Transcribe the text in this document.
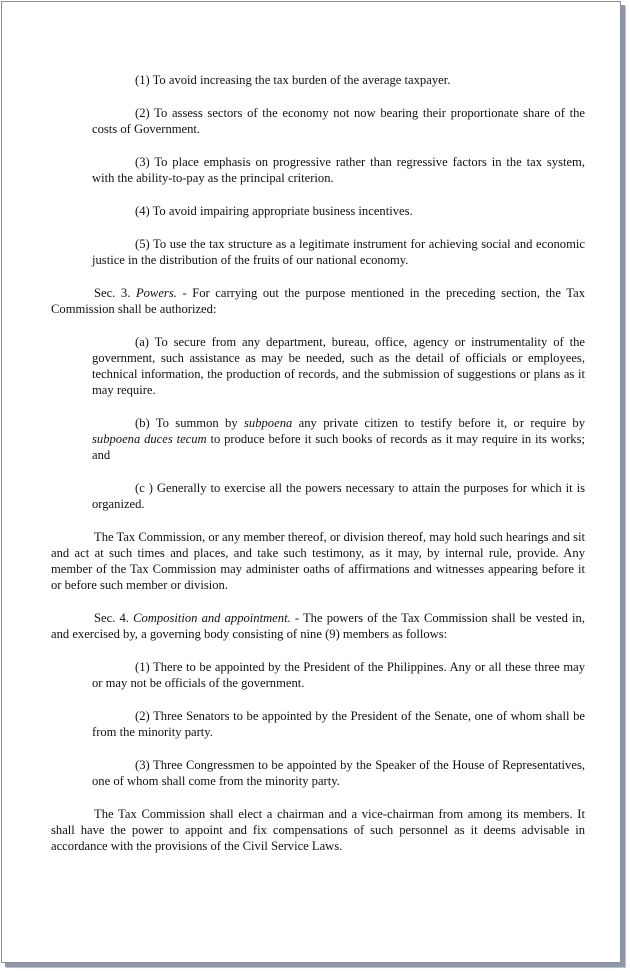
(1) To avoid increasing the tax burden of the average taxpayer.

(2) To assess sectors of the economy not now bearing their proportionate share of the costs of Government.

(3) To place emphasis on progressive rather than regressive factors in the tax system, with the ability-to-pay as the principal criterion.

(4) To avoid impairing appropriate business incentives.

(5) To use the tax structure as a legitimate instrument for achieving social and economic justice in the distribution of the fruits of our national economy.

Sec. 3. Powers. - For carrying out the purpose mentioned in the preceding section, the Tax Commission shall be authorized:

(a) To secure from any department, bureau, office, agency or instrumentality of the government, such assistance as may be needed, such as the detail of officials or employees, technical information, the production of records, and the submission of suggestions or plans as it may require.

(b) To summon by subpoena any private citizen to testify before it, or require by subpoena duces tecum to produce before it such books of records as it may require in its works; and

(c ) Generally to exercise all the powers necessary to attain the purposes for which it is organized.

The Tax Commission, or any member thereof, or division thereof, may hold such hearings and sit and act at such times and places, and take such testimony, as it may, by internal rule, provide. Any member of the Tax Commission may administer oaths of affirmations and witnesses appearing before it or before such member or division.

Sec. 4. Composition and appointment. - The powers of the Tax Commission shall be vested in, and exercised by, a governing body consisting of nine (9) members as follows:

(1) There to be appointed by the President of the Philippines. Any or all these three may or may not be officials of the government.

(2) Three Senators to be appointed by the President of the Senate, one of whom shall be from the minority party.

(3) Three Congressmen to be appointed by the Speaker of the House of Representatives, one of whom shall come from the minority party.

The Tax Commission shall elect a chairman and a vice-chairman from among its members. It shall have the power to appoint and fix compensations of such personnel as it deems advisable in accordance with the provisions of the Civil Service Laws.
